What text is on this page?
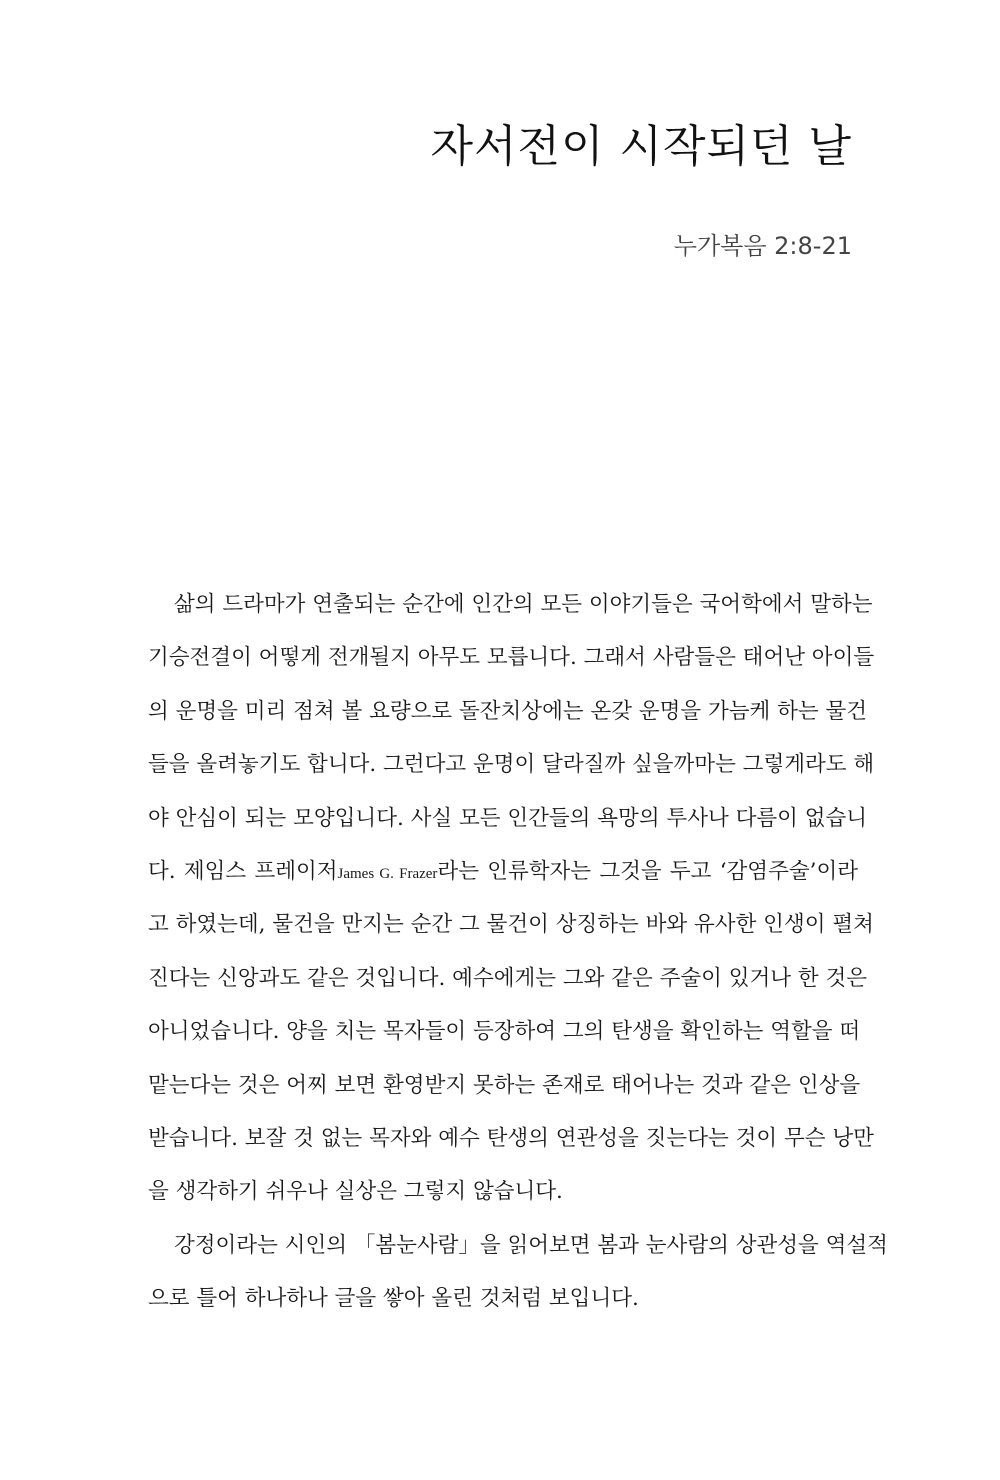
자서전이 시작되던 날

누가복음 2:8-21

삶의 드라마가 연출되는 순간에 인간의 모든 이야기들은 국어학에서 말하는
기승전결이 어떻게 전개될지 아무도 모릅니다. 그래서 사람들은 태어난 아이들
의 운명을 미리 점쳐 볼 요량으로 돌잔치상에는 온갖 운명을 가늠케 하는 물건
들을 올려놓기도 합니다. 그런다고 운명이 달라질까 싶을까마는 그렇게라도 해
야 안심이 되는 모양입니다. 사실 모든 인간들의 욕망의 투사나 다름이 없습니
다. 제임스 프레이저James G. Frazer라는 인류학자는 그것을 두고 ‘감염주술’이라
고 하였는데, 물건을 만지는 순간 그 물건이 상징하는 바와 유사한 인생이 펼쳐
진다는 신앙과도 같은 것입니다. 예수에게는 그와 같은 주술이 있거나 한 것은
아니었습니다. 양을 치는 목자들이 등장하여 그의 탄생을 확인하는 역할을 떠
맡는다는 것은 어찌 보면 환영받지 못하는 존재로 태어나는 것과 같은 인상을
받습니다. 보잘 것 없는 목자와 예수 탄생의 연관성을 짓는다는 것이 무슨 낭만
을 생각하기 쉬우나 실상은 그렇지 않습니다.
강정이라는 시인의 「봄눈사람」을 읽어보면 봄과 눈사람의 상관성을 역설적
으로 틀어 하나하나 글을 쌓아 올린 것처럼 보입니다.
